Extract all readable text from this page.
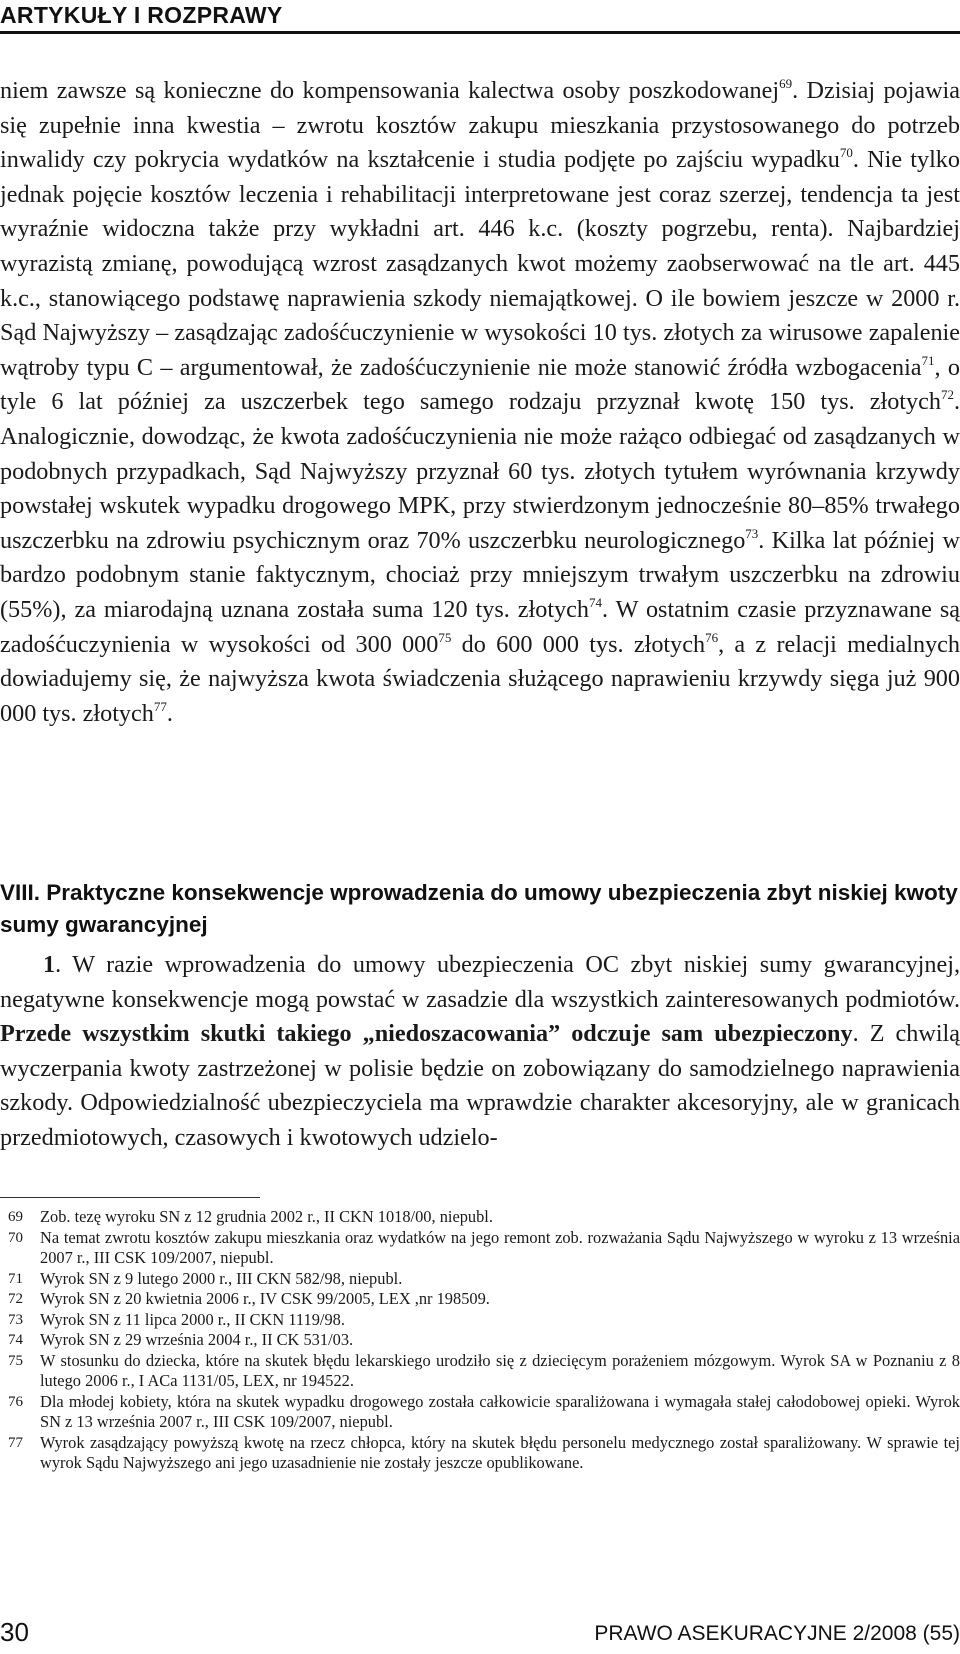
ARTYKUŁY I ROZPRAWY

niem zawsze są konieczne do kompensowania kalectwa osoby poszkodowanej$^{69}$. Dzisiaj pojawia się zupełnie inna kwestia – zwrotu kosztów zakupu mieszkania przystosowanego do potrzeb inwalidy czy pokrycia wydatków na kształcenie i studia podjęte po zajściu wypadku$^{70}$. Nie tylko jednak pojęcie kosztów leczenia i rehabilitacji interpretowane jest coraz szerzej, tendencja ta jest wyraźnie widoczna także przy wykładni art. 446 k.c. (koszty pogrzebu, renta). Najbardziej wyrazistą zmianę, powodującą wzrost zasądzanych kwot możemy zaobserwować na tle art. 445 k.c., stanowiącego podstawę naprawienia szkody niemajątkowej. O ile bowiem jeszcze w 2000 r. Sąd Najwyższy – zasądzając zadośćuczynienie w wysokości 10 tys. złotych za wirusowe zapalenie wątroby typu C – argumentował, że zadośćuczynienie nie może stanowić źródła wzbogacenia$^{71}$, o tyle 6 lat później za uszczerbek tego samego rodzaju przyznał kwotę 150 tys. złotych$^{72}$. Analogicznie, dowodząc, że kwota zadośćuczynienia nie może rażąco odbiegać od zasądzanych w podobnych przypadkach, Sąd Najwyższy przyznał 60 tys. złotych tytułem wyrównania krzywdy powstałej wskutek wypadku drogowego MPK, przy stwierdzonym jednocześnie 80–85% trwałego uszczerbku na zdrowiu psychicznym oraz 70% uszczerbku neurologicznego$^{73}$. Kilka lat później w bardzo podobnym stanie faktycznym, chociaż przy mniejszym trwałym uszczerbku na zdrowiu (55%), za miarodajną uznana została suma 120 tys. złotych$^{74}$. W ostatnim czasie przyznawane są zadośćuczynienia w wysokości od 300 $000^{75}$ do 600 000 tys. złotych$^{76}$, a z relacji medialnych dowiadujemy się, że najwyższa kwota świadczenia służącego naprawieniu krzywdy sięga już 900 000 tys. złotych$^{77}$.

VIII. Praktyczne konsekwencje wprowadzenia do umowy ubezpieczenia zbyt niskiej kwoty sumy gwarancyjnej

1. W razie wprowadzenia do umowy ubezpieczenia OC zbyt niskiej sumy gwarancyjnej, negatywne konsekwencje mogą powstać w zasadzie dla wszystkich zainteresowanych podmiotów. Przede wszystkim skutki takiego „niedoszacowania” odczuje sam ubezpieczony. Z chwilą wyczerpania kwoty zastrzeżonej w polisie będzie on zobowiązany do samodzielnego naprawienia szkody. Odpowiedzialność ubezpieczyciela ma wprawdzie charakter akcesoryjny, ale w granicach przedmiotowych, czasowych i kwotowych udzielo-

69	Zob. tezę wyroku SN z 12 grudnia 2002 r., II CKN 1018/00, niepubl.
70	Na temat zwrotu kosztów zakupu mieszkania oraz wydatków na jego remont zob. rozważania Sądu Najwyższego w wyroku z 13 września 2007 r., III CSK 109/2007, niepubl.
71	Wyrok SN z 9 lutego 2000 r., III CKN 582/98, niepubl.
72	Wyrok SN z 20 kwietnia 2006 r., IV CSK 99/2005, LEX ,nr 198509.
73	Wyrok SN z 11 lipca 2000 r., II CKN 1119/98.
74	Wyrok SN z 29 września 2004 r., II CK 531/03.
75	W stosunku do dziecka, które na skutek błędu lekarskiego urodziło się z dziecięcym porażeniem mózgowym. Wyrok SA w Poznaniu z 8 lutego 2006 r., I ACa 1131/05, LEX, nr 194522.
76	Dla młodej kobiety, która na skutek wypadku drogowego została całkowicie sparaliżowana i wymagała stałej całodobowej opieki. Wyrok SN z 13 września 2007 r., III CSK 109/2007, niepubl.
77	Wyrok zasądzający powyższą kwotę na rzecz chłopca, który na skutek błędu personelu medycznego został sparaliżowany. W sprawie tej wyrok Sądu Najwyższego ani jego uzasadnienie nie zostały jeszcze opublikowane.
30	PRAWO ASEKURACYJNE 2/2008 (55)
